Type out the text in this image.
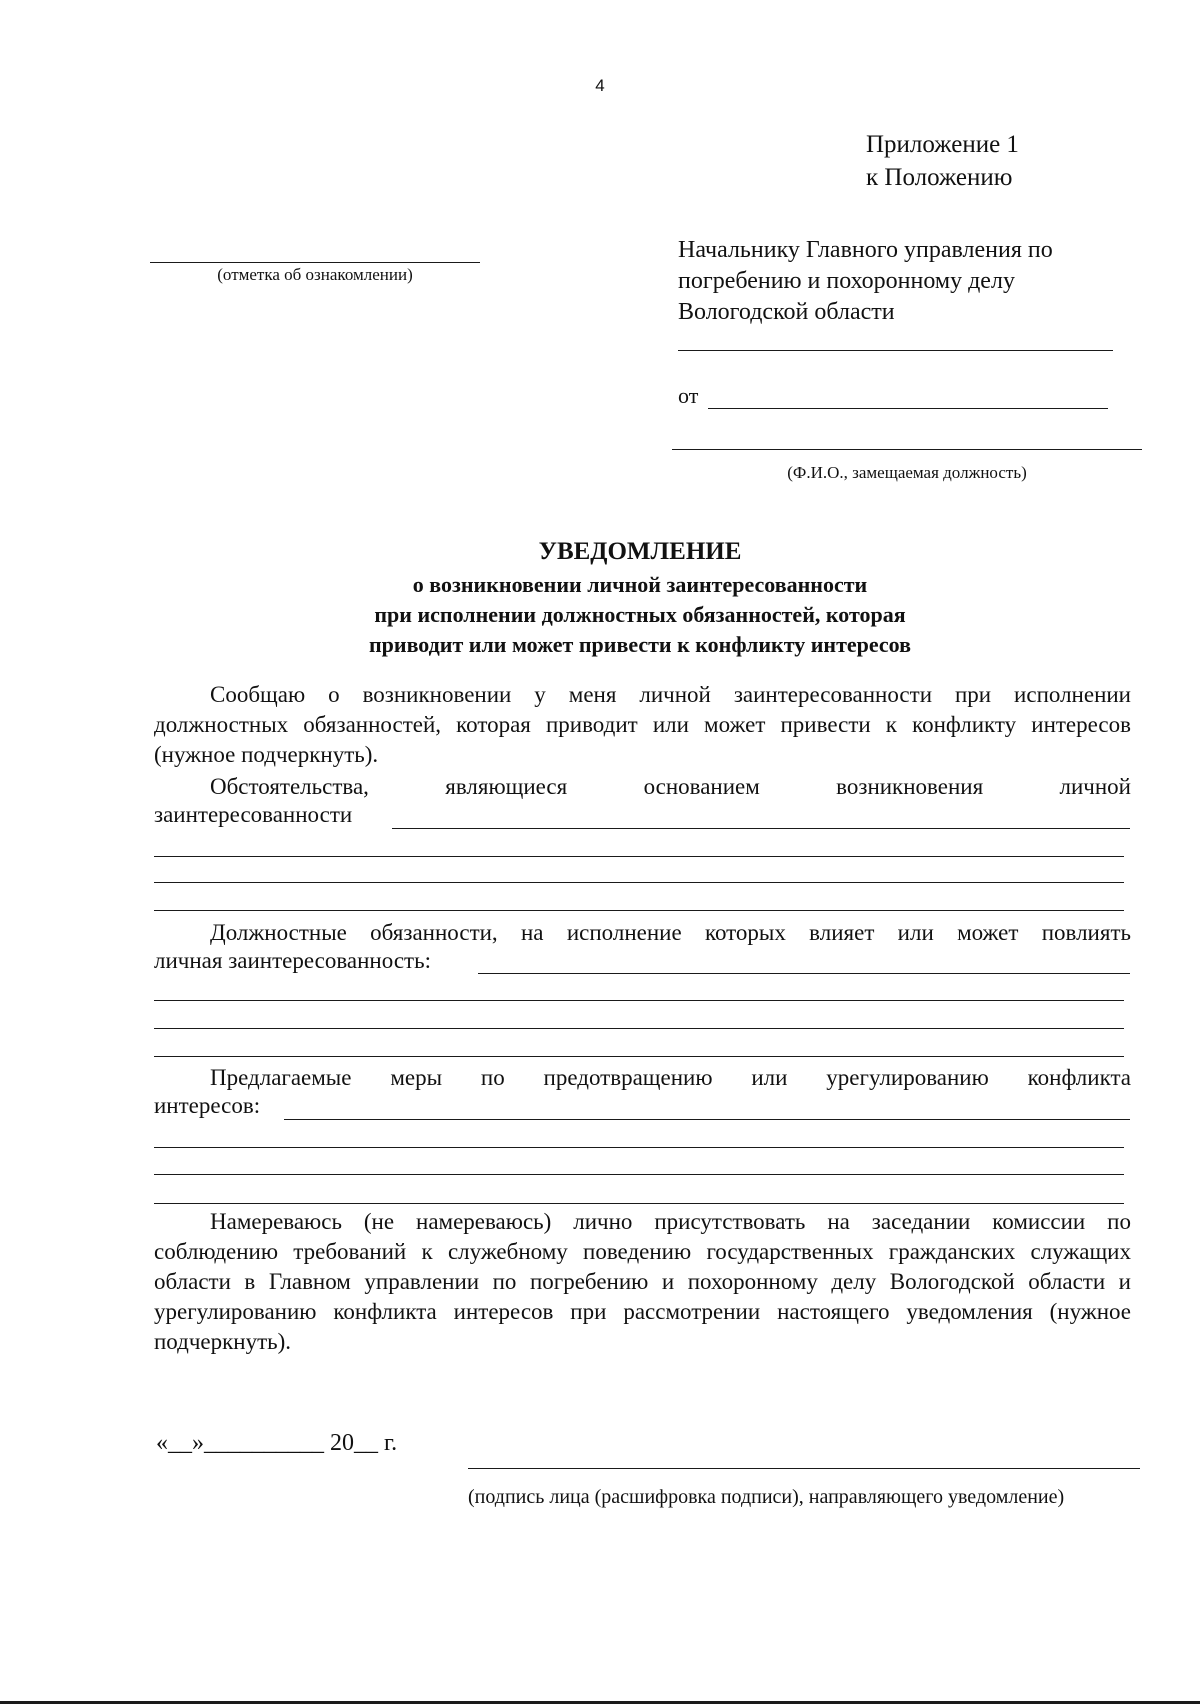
4
Приложение 1
к Положению
(отметка об ознакомлении)
Начальнику Главного управления по
погребению и похоронному делу
Вологодской области
от
(Ф.И.О., замещаемая должность)
УВЕДОМЛЕНИЕ
о возникновении личной заинтересованности
при исполнении должностных обязанностей, которая
приводит или может привести к конфликту интересов
Сообщаю о возникновении у меня личной заинтересованности при исполнении должностных обязанностей, которая приводит или может привести к конфликту интересов (нужное подчеркнуть).
Обстоятельства, являющиеся основанием возникновения личной
заинтересованности
Должностные обязанности, на исполнение которых влияет или может повлиять
личная заинтересованность:
Предлагаемые меры по предотвращению или урегулированию конфликта
интересов:
Намереваюсь (не намереваюсь) лично присутствовать на заседании комиссии по соблюдению требований к служебному поведению государственных гражданских служащих области в Главном управлении по погребению и похоронному делу Вологодской области и урегулированию конфликта интересов при рассмотрении настоящего уведомления (нужное подчеркнуть).
«__»__________ 20__ г.
(подпись лица (расшифровка подписи), направляющего уведомление)
